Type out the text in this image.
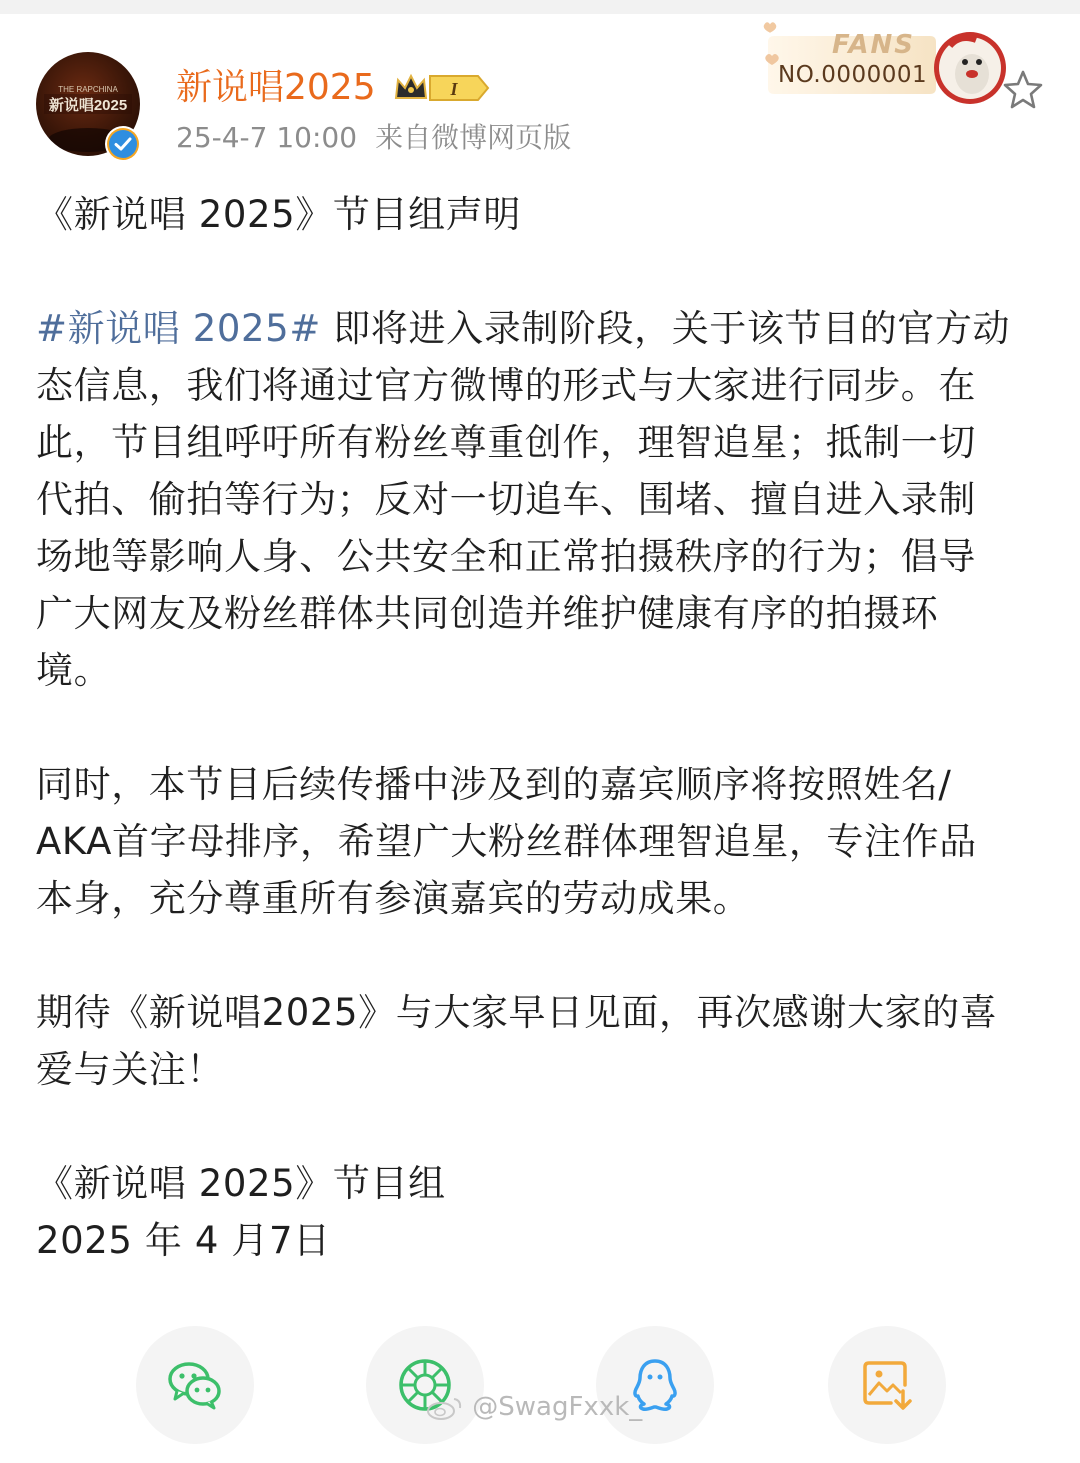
THE RAPCHINA
新说唱2025 新说唱2025	I
25-4-7 10:00 来自微博网页版
FANS
NO.0000001

《新说唱 2025》节目组声明

#新说唱 2025# 即将进入录制阶段，关于该节目的官方动

态信息，我们将通过官方微博的形式与大家进行同步。在

此，节目组呼吁所有粉丝尊重创作，理智追星；抵制一切

代拍、偷拍等行为；反对一切追车、围堵、擅自进入录制

场地等影响人身、公共安全和正常拍摄秩序的行为；倡导

广大网友及粉丝群体共同创造并维护健康有序的拍摄环

境。

同时，本节目后续传播中涉及到的嘉宾顺序将按照姓名/

AKA首字母排序，希望广大粉丝群体理智追星，专注作品

本身，充分尊重所有参演嘉宾的劳动成果。

期待《新说唱2025》与大家早日见面，再次感谢大家的喜

爱与关注！

《新说唱 2025》节目组

2025 年 4 月7日

@SwagFxxk_
